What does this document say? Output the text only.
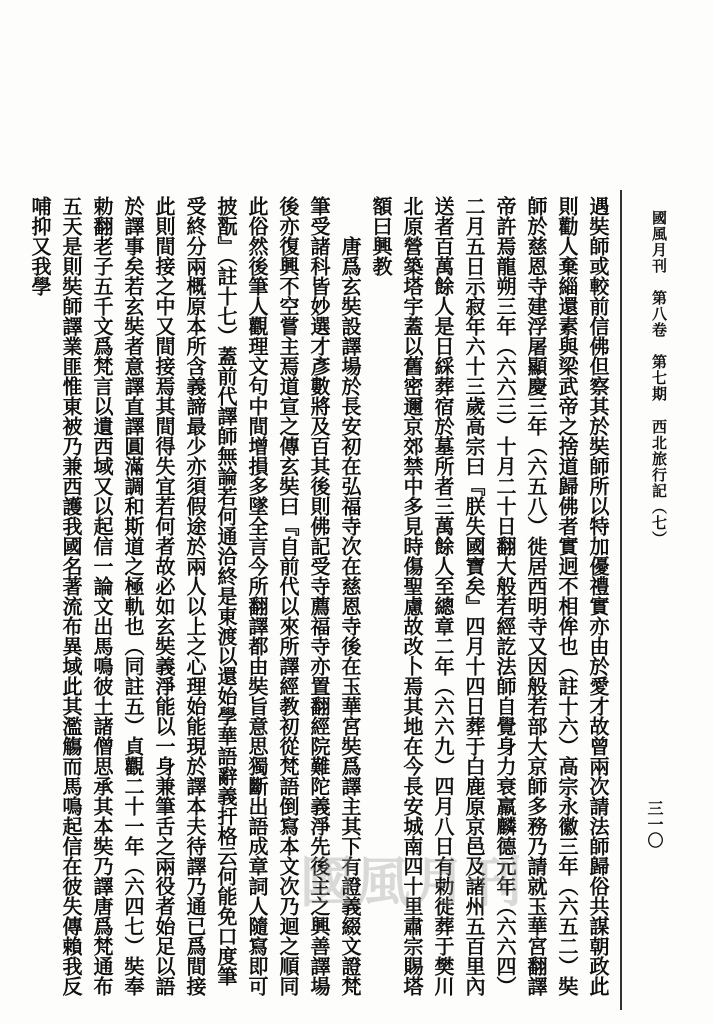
國風月刊 第八卷 第七期 西北旅行記（七）
三一〇

遇奘師或較前信佛但察其於奘師所以特加優禮實亦由於愛才故曾兩次請法師歸俗共謀朝政此則勸人棄緇還素與梁武帝之捨道歸佛者實迥不相侔也（註十六）高宗永徽三年（六五二）奘師於慈恩寺建浮屠顯慶三年（六五八）徙居西明寺又因般若部大京師多務乃請就玉華宮翻譯帝許焉龍朔三年（六六三）十月二十日翻大般若經訖法師自覺身力衰羸麟德元年（六六四）二月五日示寂年六十三歲高宗曰『朕失國寶矣』四月十四日葬于白鹿原京邑及諸州五百里內送者百萬餘人是日綵葬宿於墓所者三萬餘人至總章二年（六六九）四月八日有勅徙葬于樊川北原營築塔宇蓋以舊密邇京郊禁中多見時傷聖慮故改卜焉其地在今長安城南四十里肅宗賜塔額曰興教

唐爲玄奘設譯場於長安初在弘福寺次在慈恩寺後在玉華宮奘爲譯主其下有證義綴文證梵筆受諸科皆妙選才彥數將及百其後則佛記受寺薦福寺亦置翻經院難陀義淨先後主之興善譯場後亦復興不空嘗主焉道宣之傳玄奘曰『自前代以來所譯經教初從梵語倒寫本文次乃迴之順同此俗然後筆人觀理文句中間增損多墜全言今所翻譯都由奘旨意思獨斷出語成章詞人隨寫即可披翫』（註十七）蓋前代譯師無論若何通洽終是東渡以還始學華語辭義扞格云何能免口度筆受終分兩概原本所含義諦最少亦須假途於兩人以上之心理始能現於譯本夫待譯乃通已爲間接此則間接之中又間接焉其間得失宜若何者故必如玄奘義淨能以一身兼筆舌之兩役者始足以語於譯事矣若玄奘者意譯直譯圓滿調和斯道之極軌也（同註五）貞觀二十一年（六四七）奘奉勅翻老子五千文爲梵言以遺西域又以起信一論文出馬鳴彼土諸僧思承其本奘乃譯唐爲梵通布五天是則奘師譯業匪惟東被乃兼西護我國名著流布異域此其濫觴而馬鳴起信在彼失傳賴我反哺抑又我學

國風月刊
